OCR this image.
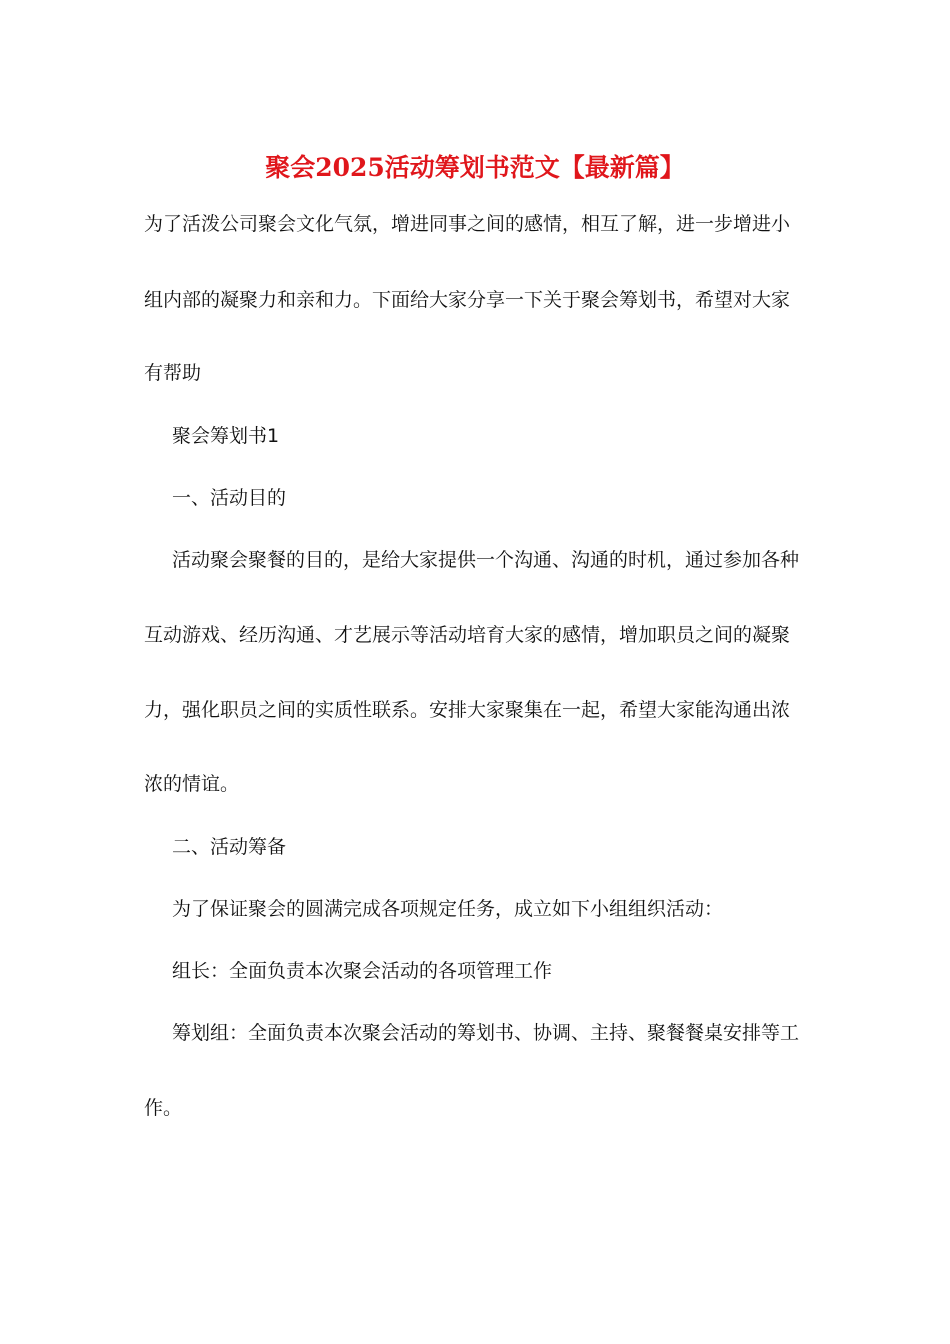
聚会2025活动筹划书范文【最新篇】
为了活泼公司聚会文化气氛，增进同事之间的感情，相互了解，进一步增进小
组内部的凝聚力和亲和力。下面给大家分享一下关于聚会筹划书，希望对大家
有帮助
聚会筹划书1
一、活动目的
活动聚会聚餐的目的，是给大家提供一个沟通、沟通的时机，通过参加各种
互动游戏、经历沟通、才艺展示等活动培育大家的感情，增加职员之间的凝聚
力，强化职员之间的实质性联系。安排大家聚集在一起，希望大家能沟通出浓
浓的情谊。
二、活动筹备
为了保证聚会的圆满完成各项规定任务，成立如下小组组织活动：
组长：全面负责本次聚会活动的各项管理工作
筹划组：全面负责本次聚会活动的筹划书、协调、主持、聚餐餐桌安排等工
作。
